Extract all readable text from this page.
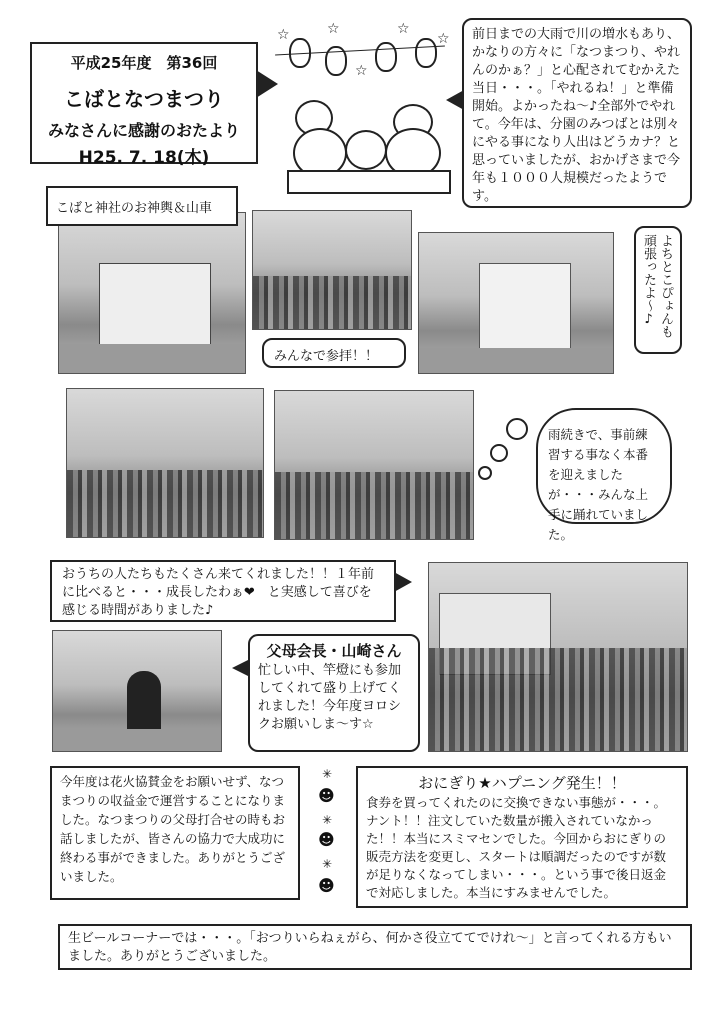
平成25年度　第36回
こばとなつまつり
みなさんに感謝のおたより
H25. 7. 18(木)
☆	☆	☆
☆
☆
前日までの大雨で川の増水もあり、かなりの方々に「なつまつり、やれんのかぁ？」と心配されてむかえた当日・・・。「やれるね！」と準備開始。よかったね〜♪全部外でやれて。今年は、分園のみつばとは別々にやる事になり人出はどうカナ？と思っていましたが、おかげさまで今年も１０００人規模だったようです。
こばと神社のお神輿＆山車
みんなで参拝！！
よちとこぴょんも頑張ったよ〜♪
雨続きで、事前練習する事なく本番を迎えましたが・・・みんな上手に踊れていました。
おうちの人たちもたくさん来てくれました！！１年前に比べると・・・成長したわぁ❤　と実感して喜びを感じる時間がありました♪
父母会長・山崎さん
忙しい中、竿燈にも参加してくれて盛り上げてくれました！今年度ヨロシクお願いしま〜す☆
今年度は花火協賛金をお願いせず、なつまつりの収益金で運営することになりました。なつまつりの父母打合せの時もお話しましたが、皆さんの協力で大成功に終わる事ができました。ありがとうございました。
✳
☻
✳
☻
✳
☻
おにぎり★ハプニング発生！！
食券を買ってくれたのに交換できない事態が・・・。ナント！！注文していた数量が搬入されていなかった！！本当にスミマセンでした。今回からおにぎりの販売方法を変更し、スタートは順調だったのですが数が足りなくなってしまい・・・。という事で後日返金で対応しました。本当にすみませんでした。
生ビールコーナーでは・・・。「おつりいらねぇがら、何かさ役立ててでけれ〜」と言ってくれる方もいました。ありがとうございました。
